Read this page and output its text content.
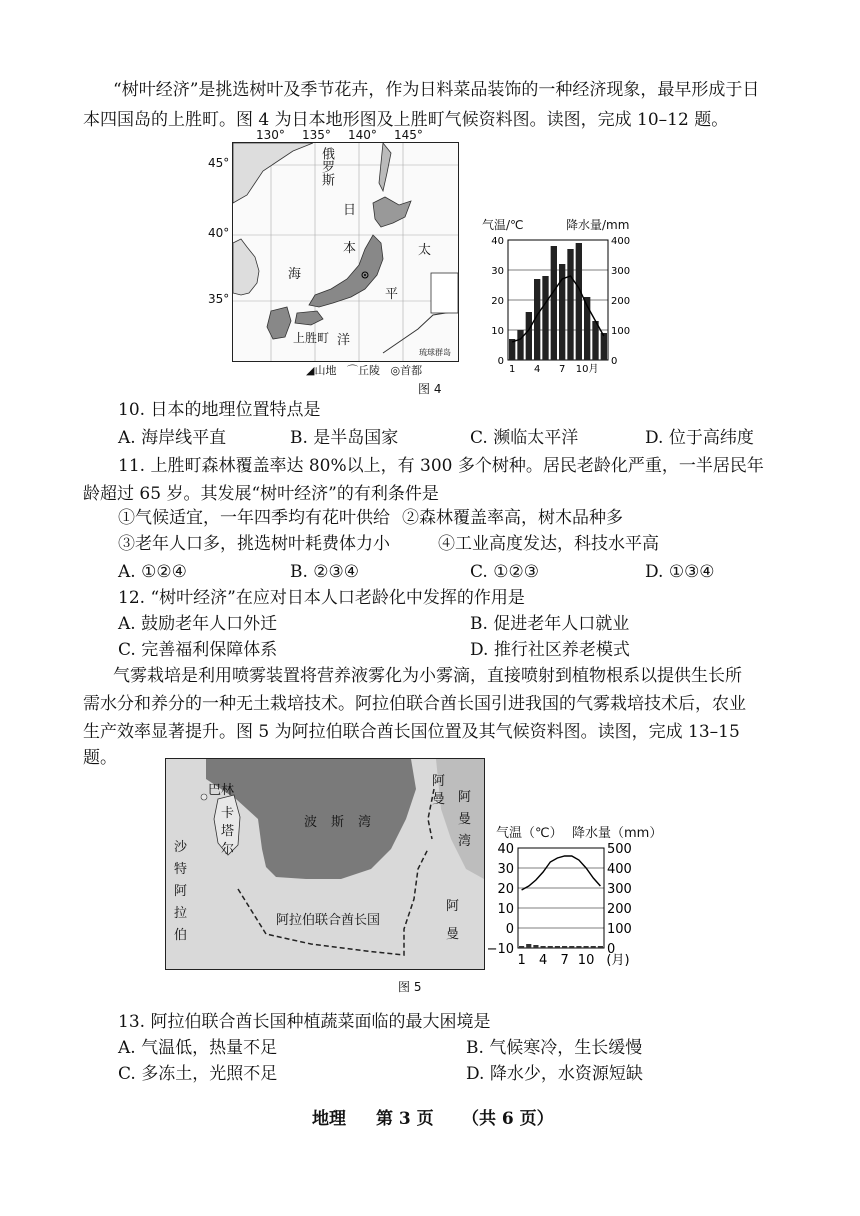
“树叶经济”是挑选树叶及季节花卉，作为日料菜品装饰的一种经济现象，最早形成于日
本四国岛的上胜町。图 4 为日本地形图及上胜町气候资料图。读图，完成 10–12 题。
俄罗斯
日
本
海
太
平
洋
上胜町
琉球群岛
130° 135° 140° 145°
45°
40°
35°
◢山地 ⌒丘陵 ◎首都
图 4
气温/℃	降水量/mm
40
30
20
10
0
400
300
200
100
0
1 4 7 10月
10. 日本的地理位置特点是
A. 海岸线平直	B. 是半岛国家	C. 濒临太平洋	D. 位于高纬度
11. 上胜町森林覆盖率达 80%以上，有 300 多个树种。居民老龄化严重，一半居民年
龄超过 65 岁。其发展“树叶经济”的有利条件是
①气候适宜，一年四季均有花叶供给 ②森林覆盖率高，树木品种多
③老年人口多，挑选树叶耗费体力小	④工业高度发达，科技水平高
A. ①②④	B. ②③④	C. ①②③	D. ①③④
12. “树叶经济”在应对日本人口老龄化中发挥的作用是
A. 鼓励老年人口外迁	B. 促进老年人口就业
C. 完善福利保障体系	D. 推行社区养老模式
气雾栽培是利用喷雾装置将营养液雾化为小雾滴，直接喷射到植物根系以提供生长所
需水分和养分的一种无土栽培技术。阿拉伯联合酋长国引进我国的气雾栽培技术后，农业
生产效率显著提升。图 5 为阿拉伯联合酋长国位置及其气候资料图。读图，完成 13–15
题。
巴林
卡塔尔
沙特阿拉伯
波斯湾
阿拉伯联合酋长国
阿曼 阿曼湾
阿曼
图 5
气温（℃） 降水量（mm）
40
30
20
10
0
−10
500
400
300
200
100
0
1 4 7 10 (月)
13. 阿拉伯联合酋长国种植蔬菜面临的最大困境是
A. 气温低，热量不足	B. 气候寒冷，生长缓慢
C. 多冻土，光照不足	D. 降水少，水资源短缺
地理 第 3 页 （共 6 页）
